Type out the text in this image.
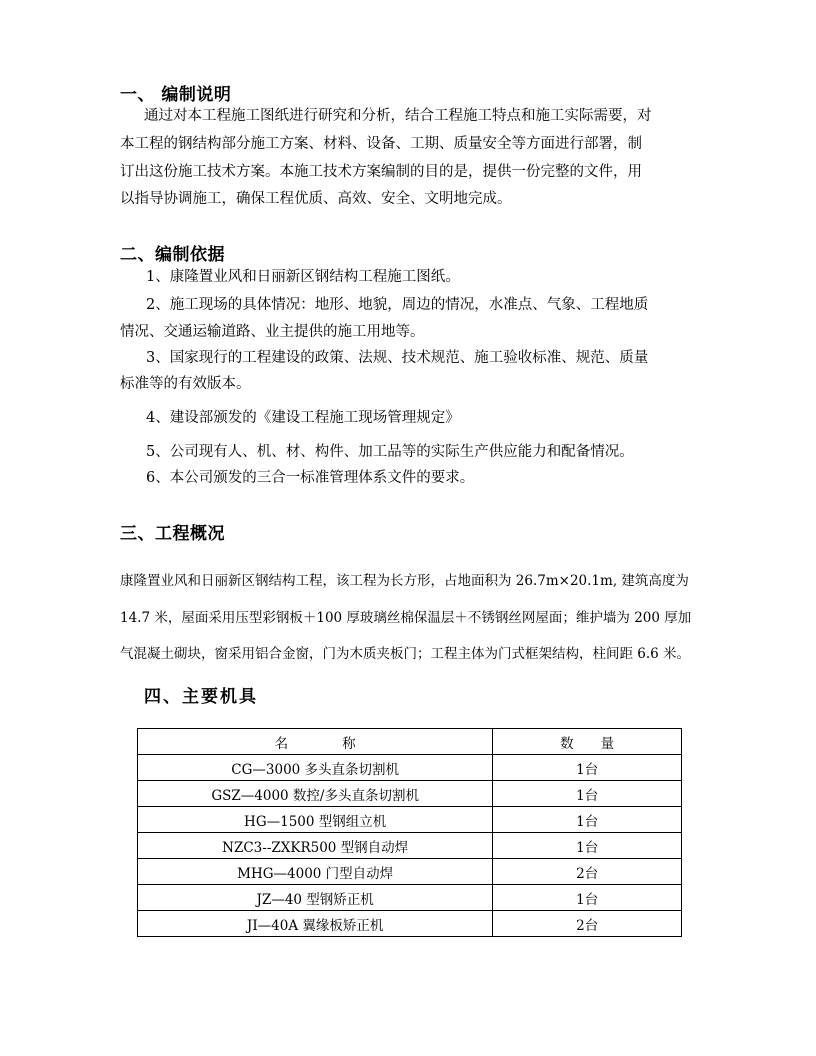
一、 编制说明
通过对本工程施工图纸进行研究和分析，结合工程施工特点和施工实际需要，对
本工程的钢结构部分施工方案、材料、设备、工期、质量安全等方面进行部署，制
订出这份施工技术方案。本施工技术方案编制的目的是，提供一份完整的文件，用
以指导协调施工，确保工程优质、高效、安全、文明地完成。
二、编制依据
1、康隆置业风和日丽新区钢结构工程施工图纸。
2、施工现场的具体情况：地形、地貌，周边的情况，水准点、气象、工程地质
情况、交通运输道路、业主提供的施工用地等。
3、国家现行的工程建设的政策、法规、技术规范、施工验收标准、规范、质量
标准等的有效版本。
4、建设部颁发的《建设工程施工现场管理规定》
5、公司现有人、机、材、构件、加工品等的实际生产供应能力和配备情况。
6、本公司颁发的三合一标准管理体系文件的要求。
三、工程概况
康隆置业风和日丽新区钢结构工程，该工程为长方形，占地面积为 26.7m×20.1m, 建筑高度为
14.7 米，屋面采用压型彩钢板＋100 厚玻璃丝棉保温层＋不锈钢丝网屋面；维护墙为 200 厚加
气混凝土砌块，窗采用铝合金窗，门为木质夹板门；工程主体为门式框架结构，柱间距 6.6 米。
四、主要机具
名　　　　称	数　　量
CG—3000 多头直条切割机	1台
GSZ—4000 数控/多头直条切割机	1台
HG—1500 型钢组立机	1台
NZC3--ZXKR500 型钢自动焊	1台
MHG—4000 门型自动焊	2台
JZ—40 型钢矫正机	1台
JI—40A 翼缘板矫正机	2台
